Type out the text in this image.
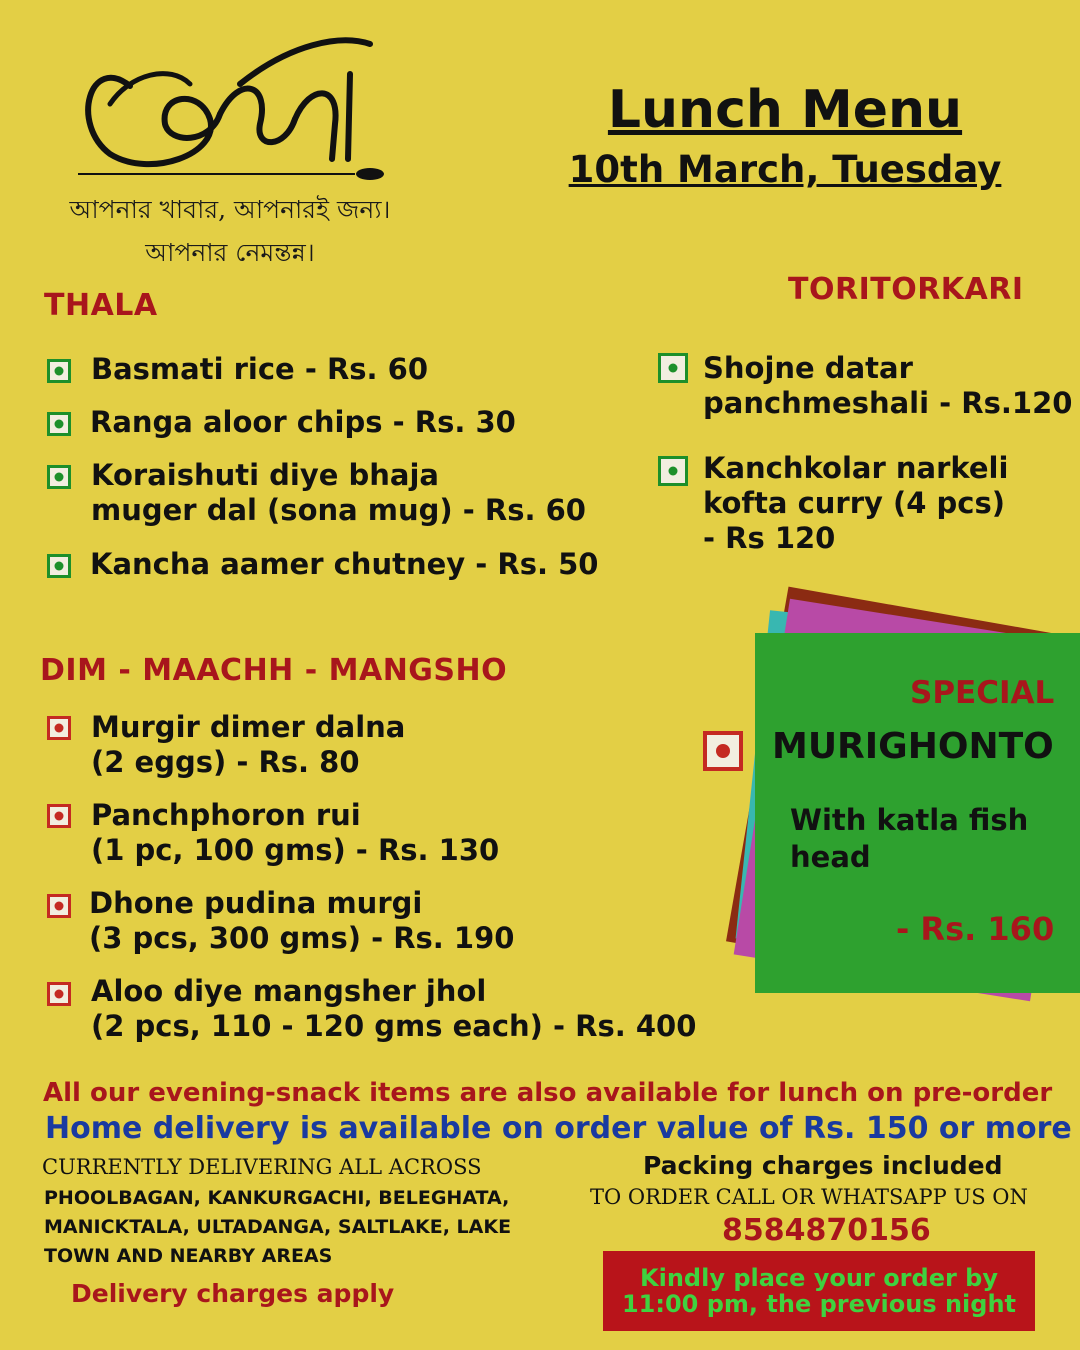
আপনার খাবার, আপনারই জন্য।
আপনার নেমন্তন্ন।
Lunch Menu
10th March, Tuesday
THALA
Basmati rice - Rs. 60
Ranga aloor chips - Rs. 30
Koraishuti diye bhaja
muger dal (sona mug) - Rs. 60
Kancha aamer chutney - Rs. 50
TORITORKARI
Shojne datar
panchmeshali - Rs.120
Kanchkolar narkeli
kofta curry (4 pcs)
- Rs 120
DIM - MAACHH - MANGSHO
Murgir dimer dalna
(2 eggs) - Rs. 80
Panchphoron rui
(1 pc, 100 gms) - Rs. 130
Dhone pudina murgi
(3 pcs, 300 gms) - Rs. 190
Aloo diye mangsher jhol
(2 pcs, 110 - 120 gms each) - Rs. 400
SPECIAL
MURIGHONTO
With katla fish
head
- Rs. 160
All our evening-snack items are also available for lunch on pre-order
Home delivery is available on order value of Rs. 150 or more
CURRENTLY DELIVERING ALL ACROSS
PHOOLBAGAN, KANKURGACHI, BELEGHATA,
MANICKTALA, ULTADANGA, SALTLAKE, LAKE
TOWN AND NEARBY AREAS
Delivery charges apply
Packing charges included
TO ORDER CALL OR WHATSAPP US ON
8584870156
Kindly place your order by
11:00 pm, the previous night
